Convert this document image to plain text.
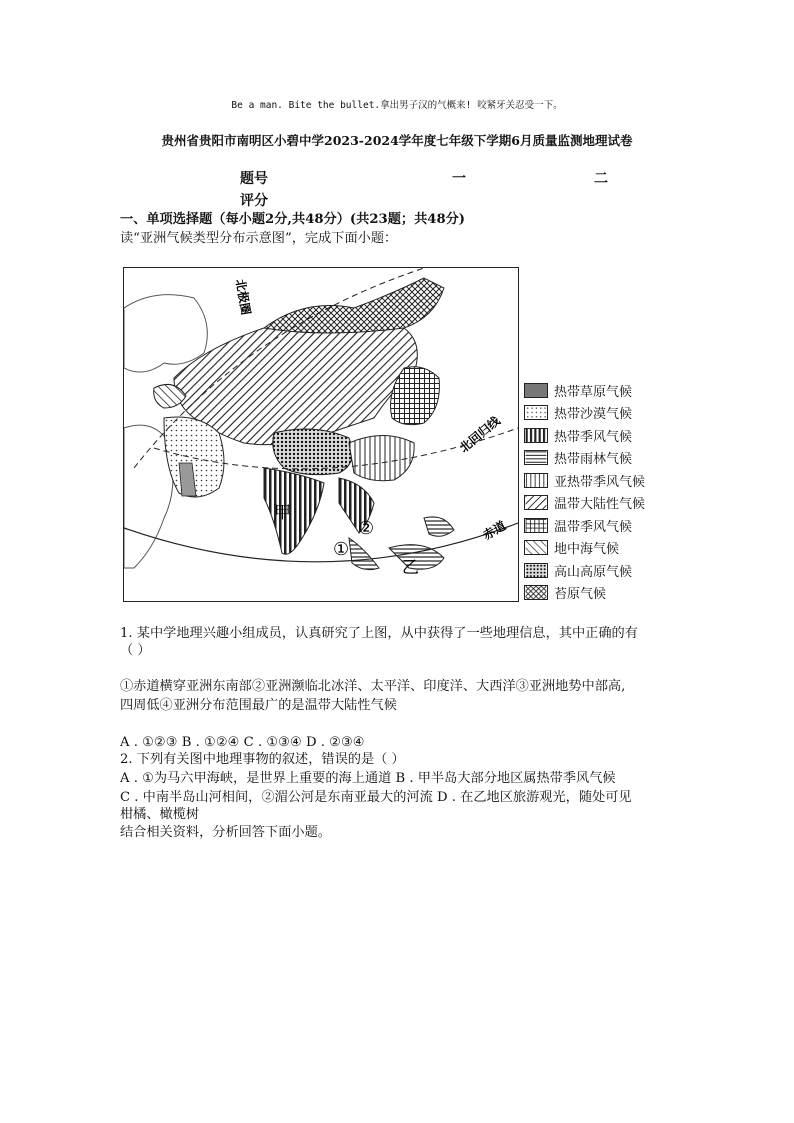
Be a man. Bite the bullet.拿出男子汉的气概来! 咬紧牙关忍受一下。
贵州省贵阳市南明区小碧中学2023-2024学年度七年级下学期6月质量监测地理试卷
题号	一	二
评分
一、单项选择题（每小题2分,共48分）(共23题；共48分)
读“亚洲气候类型分布示意图”，完成下面小题：
北极圈
北回归线
赤道
甲
乙
①
②
热带草原气候
热带沙漠气候
热带季风气候
热带雨林气候
亚热带季风气候
温带大陆性气候
温带季风气候
地中海气候
高山高原气候
苔原气候
1. 某中学地理兴趣小组成员，认真研究了上图，从中获得了一些地理信息，其中正确的有
（ ）
①赤道横穿亚洲东南部②亚洲濒临北冰洋、太平洋、印度洋、大西洋③亚洲地势中部高,
四周低④亚洲分布范围最广的是温带大陆性气候
A . ①②③ B . ①②④ C . ①③④ D . ②③④
2. 下列有关图中地理事物的叙述，错误的是（ ）
A . ①为马六甲海峡，是世界上重要的海上通道 B . 甲半岛大部分地区属热带季风气候
C . 中南半岛山河相间，②湄公河是东南亚最大的河流 D . 在乙地区旅游观光，随处可见
柑橘、橄榄树
结合相关资料，分析回答下面小题。
